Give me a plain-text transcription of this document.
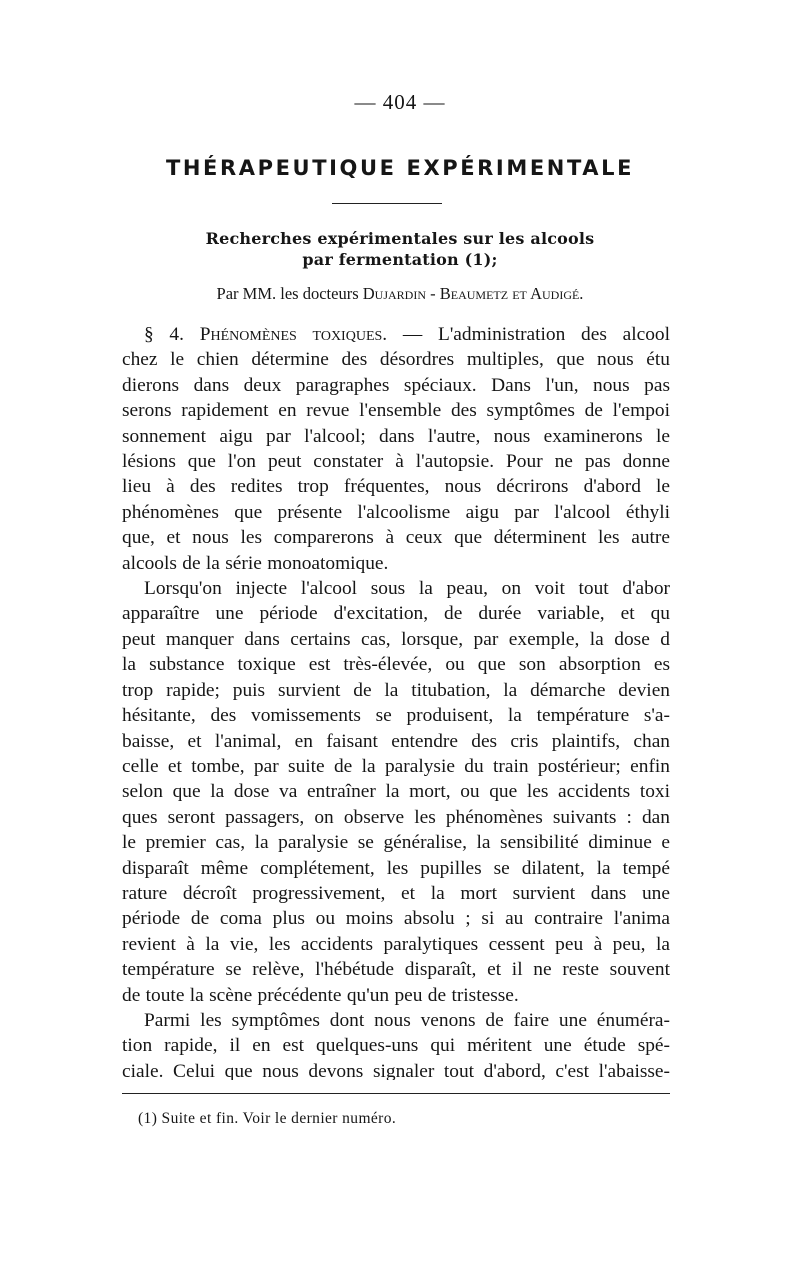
— 404 —
THÉRAPEUTIQUE EXPÉRIMENTALE
Recherches expérimentales sur les alcools
par fermentation (1);
Par MM. les docteurs Dujardin - Beaumetz et Audigé.
§ 4. Phénomènes toxiques. — L'administration des alcool
chez le chien détermine des désordres multiples, que nous étu
dierons dans deux paragraphes spéciaux. Dans l'un, nous pas
serons rapidement en revue l'ensemble des symptômes de l'empoi
sonnement aigu par l'alcool; dans l'autre, nous examinerons le
lésions que l'on peut constater à l'autopsie. Pour ne pas donne
lieu à des redites trop fréquentes, nous décrirons d'abord le
phénomènes que présente l'alcoolisme aigu par l'alcool éthyli
que, et nous les comparerons à ceux que déterminent les autre
alcools de la série monoatomique.
Lorsqu'on injecte l'alcool sous la peau, on voit tout d'abor
apparaître une période d'excitation, de durée variable, et qu
peut manquer dans certains cas, lorsque, par exemple, la dose d
la substance toxique est très-élevée, ou que son absorption es
trop rapide; puis survient de la titubation, la démarche devien
hésitante, des vomissements se produisent, la température s'a-
baisse, et l'animal, en faisant entendre des cris plaintifs, chan
celle et tombe, par suite de la paralysie du train postérieur; enfin
selon que la dose va entraîner la mort, ou que les accidents toxi
ques seront passagers, on observe les phénomènes suivants : dan
le premier cas, la paralysie se généralise, la sensibilité diminue e
disparaît même complétement, les pupilles se dilatent, la tempé
rature décroît progressivement, et la mort survient dans une
période de coma plus ou moins absolu ; si au contraire l'anima
revient à la vie, les accidents paralytiques cessent peu à peu, la
température se relève, l'hébétude disparaît, et il ne reste souvent
de toute la scène précédente qu'un peu de tristesse.
Parmi les symptômes dont nous venons de faire une énuméra-
tion rapide, il en est quelques-uns qui méritent une étude spé-
ciale. Celui que nous devons signaler tout d'abord, c'est l'abaisse-
(1) Suite et fin. Voir le dernier numéro.
